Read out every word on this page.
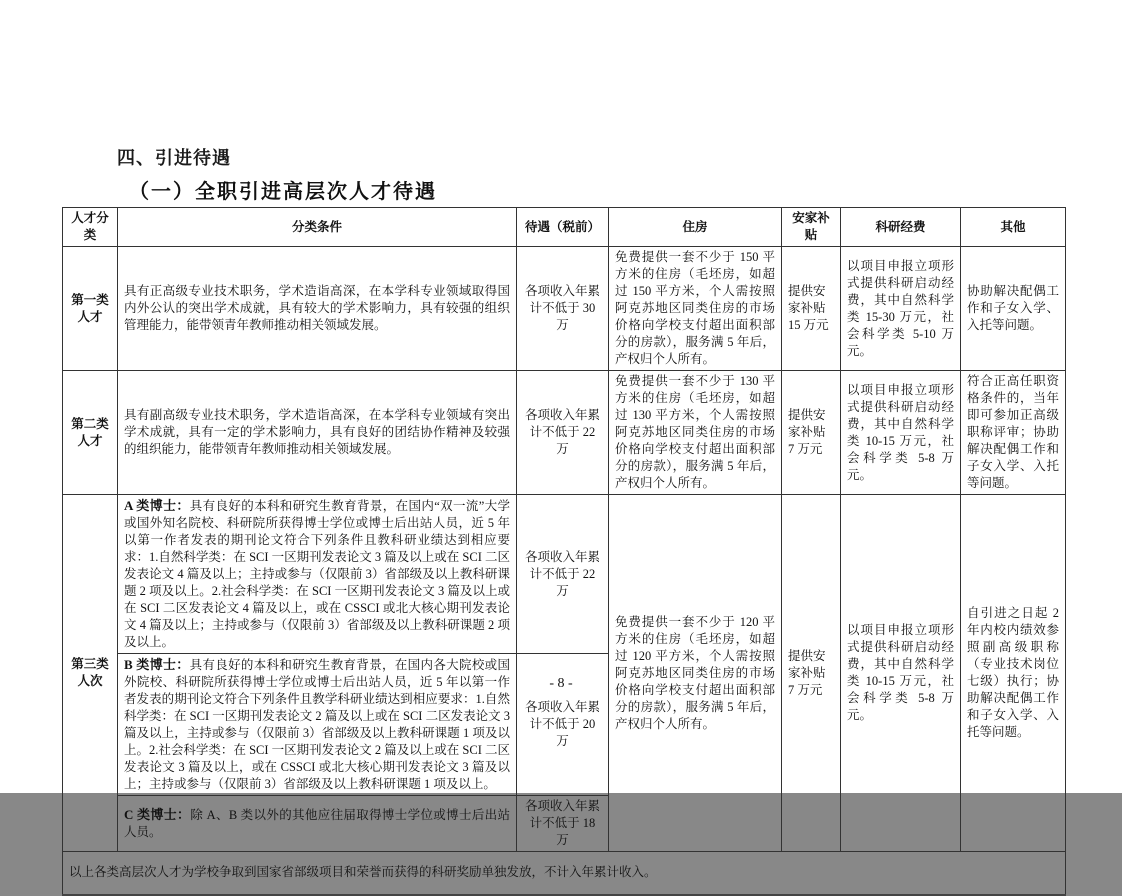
四、引进待遇
（一）全职引进高层次人才待遇
人才分类	分类条件	待遇（税前）	住房	安家补贴	科研经费	其他
第一类人才	具有正高级专业技术职务，学术造诣高深，在本学科专业领域取得国内外公认的突出学术成就，具有较大的学术影响力，具有较强的组织管理能力，能带领青年教师推动相关领域发展。	各项收入年累计不低于 30 万	免费提供一套不少于 150 平方米的住房（毛坯房，如超过 150 平方米，个人需按照阿克苏地区同类住房的市场价格向学校支付超出面积部分的房款），服务满 5 年后，产权归个人所有。	提供安家补贴 15 万元	以项目申报立项形式提供科研启动经费，其中自然科学类 15-30 万元，社会科学类 5-10 万元。	协助解决配偶工作和子女入学、入托等问题。
第二类人才	具有副高级专业技术职务，学术造诣高深，在本学科专业领域有突出学术成就，具有一定的学术影响力，具有良好的团结协作精神及较强的组织能力，能带领青年教师推动相关领域发展。	各项收入年累计不低于 22 万	免费提供一套不少于 130 平方米的住房（毛坯房，如超过 130 平方米，个人需按照阿克苏地区同类住房的市场价格向学校支付超出面积部分的房款），服务满 5 年后，产权归个人所有。	提供安家补贴 7 万元	以项目申报立项形式提供科研启动经费，其中自然科学类 10-15 万元，社会科学类 5-8 万元。	符合正高任职资格条件的，当年即可参加正高级职称评审；协助解决配偶工作和子女入学、入托等问题。
第三类人次	A 类博士：具有良好的本科和研究生教育背景，在国内“双一流”大学或国外知名院校、科研院所获得博士学位或博士后出站人员，近 5 年以第一作者发表的期刊论文符合下列条件且教科研业绩达到相应要求：1.自然科学类：在 SCI 一区期刊发表论文 3 篇及以上或在 SCI 二区发表论文 4 篇及以上；主持或参与（仅限前 3）省部级及以上教科研课题 2 项及以上。2.社会科学类：在 SCI 一区期刊发表论文 3 篇及以上或在 SCI 二区发表论文 4 篇及以上，或在 CSSCI 或北大核心期刊发表论文 4 篇及以上；主持或参与（仅限前 3）省部级及以上教科研课题 2 项及以上。	各项收入年累计不低于 22 万	免费提供一套不少于 120 平方米的住房（毛坯房，如超过 120 平方米，个人需按照阿克苏地区同类住房的市场价格向学校支付超出面积部分的房款），服务满 5 年后，产权归个人所有。	提供安家补贴 7 万元	以项目申报立项形式提供科研启动经费，其中自然科学类 10-15 万元，社会科学类 5-8 万元。	自引进之日起 2 年内校内绩效参照副高级职称（专业技术岗位七级）执行；协助解决配偶工作和子女入学、入托等问题。
	B 类博士：具有良好的本科和研究生教育背景，在国内各大院校或国外院校、科研院所获得博士学位或博士后出站人员，近 5 年以第一作者发表的期刊论文符合下列条件且教学科研业绩达到相应要求：1.自然科学类：在 SCI 一区期刊发表论文 2 篇及以上或在 SCI 二区发表论文 3 篇及以上，主持或参与（仅限前 3）省部级及以上教科研课题 1 项及以上。2.社会科学类：在 SCI 一区期刊发表论文 2 篇及以上或在 SCI 二区发表论文 3 篇及以上，或在 CSSCI 或北大核心期刊发表论文 3 篇及以上；主持或参与（仅限前 3）省部级及以上教科研课题 1 项及以上。	各项收入年累计不低于 20 万				
	C 类博士：除 A、B 类以外的其他应往届取得博士学位或博士后出站人员。	各项收入年累计不低于 18 万				
以上各类高层次人才为学校争取到国家省部级项目和荣誉而获得的科研奖励单独发放，不计入年累计收入。						
- 8 -
